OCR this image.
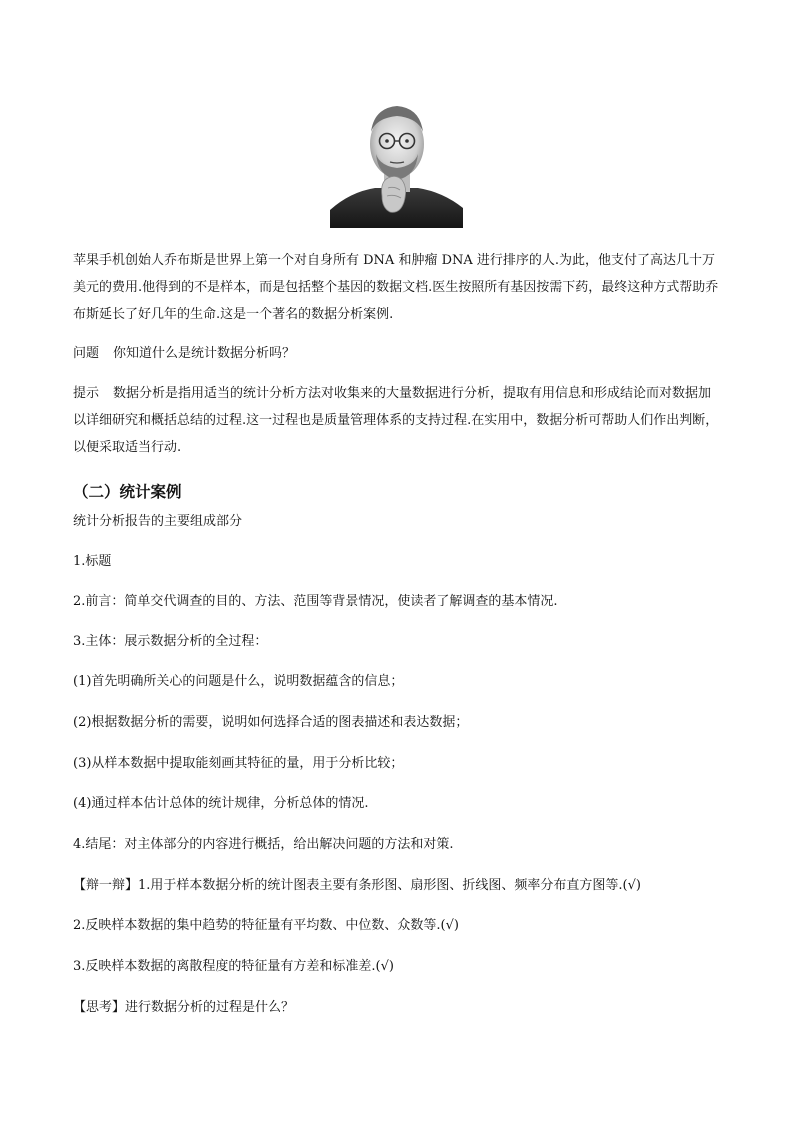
苹果手机创始人乔布斯是世界上第一个对自身所有 DNA 和肿瘤 DNA 进行排序的人.为此，他支付了高达几十万美元的费用.他得到的不是样本，而是包括整个基因的数据文档.医生按照所有基因按需下药，最终这种方式帮助乔布斯延长了好几年的生命.这是一个著名的数据分析案例.
问题 你知道什么是统计数据分析吗？
提示 数据分析是指用适当的统计分析方法对收集来的大量数据进行分析，提取有用信息和形成结论而对数据加以详细研究和概括总结的过程.这一过程也是质量管理体系的支持过程.在实用中，数据分析可帮助人们作出判断，以便采取适当行动.
（二）统计案例
统计分析报告的主要组成部分
1.标题
2.前言：简单交代调查的目的、方法、范围等背景情况，使读者了解调查的基本情况.
3.主体：展示数据分析的全过程：
(1)首先明确所关心的问题是什么，说明数据蕴含的信息；
(2)根据数据分析的需要，说明如何选择合适的图表描述和表达数据；
(3)从样本数据中提取能刻画其特征的量，用于分析比较；
(4)通过样本估计总体的统计规律，分析总体的情况.
4.结尾：对主体部分的内容进行概括，给出解决问题的方法和对策.
【辩一辩】1.用于样本数据分析的统计图表主要有条形图、扇形图、折线图、频率分布直方图等.(√)
2.反映样本数据的集中趋势的特征量有平均数、中位数、众数等.(√)
3.反映样本数据的离散程度的特征量有方差和标准差.(√)
【思考】进行数据分析的过程是什么？
